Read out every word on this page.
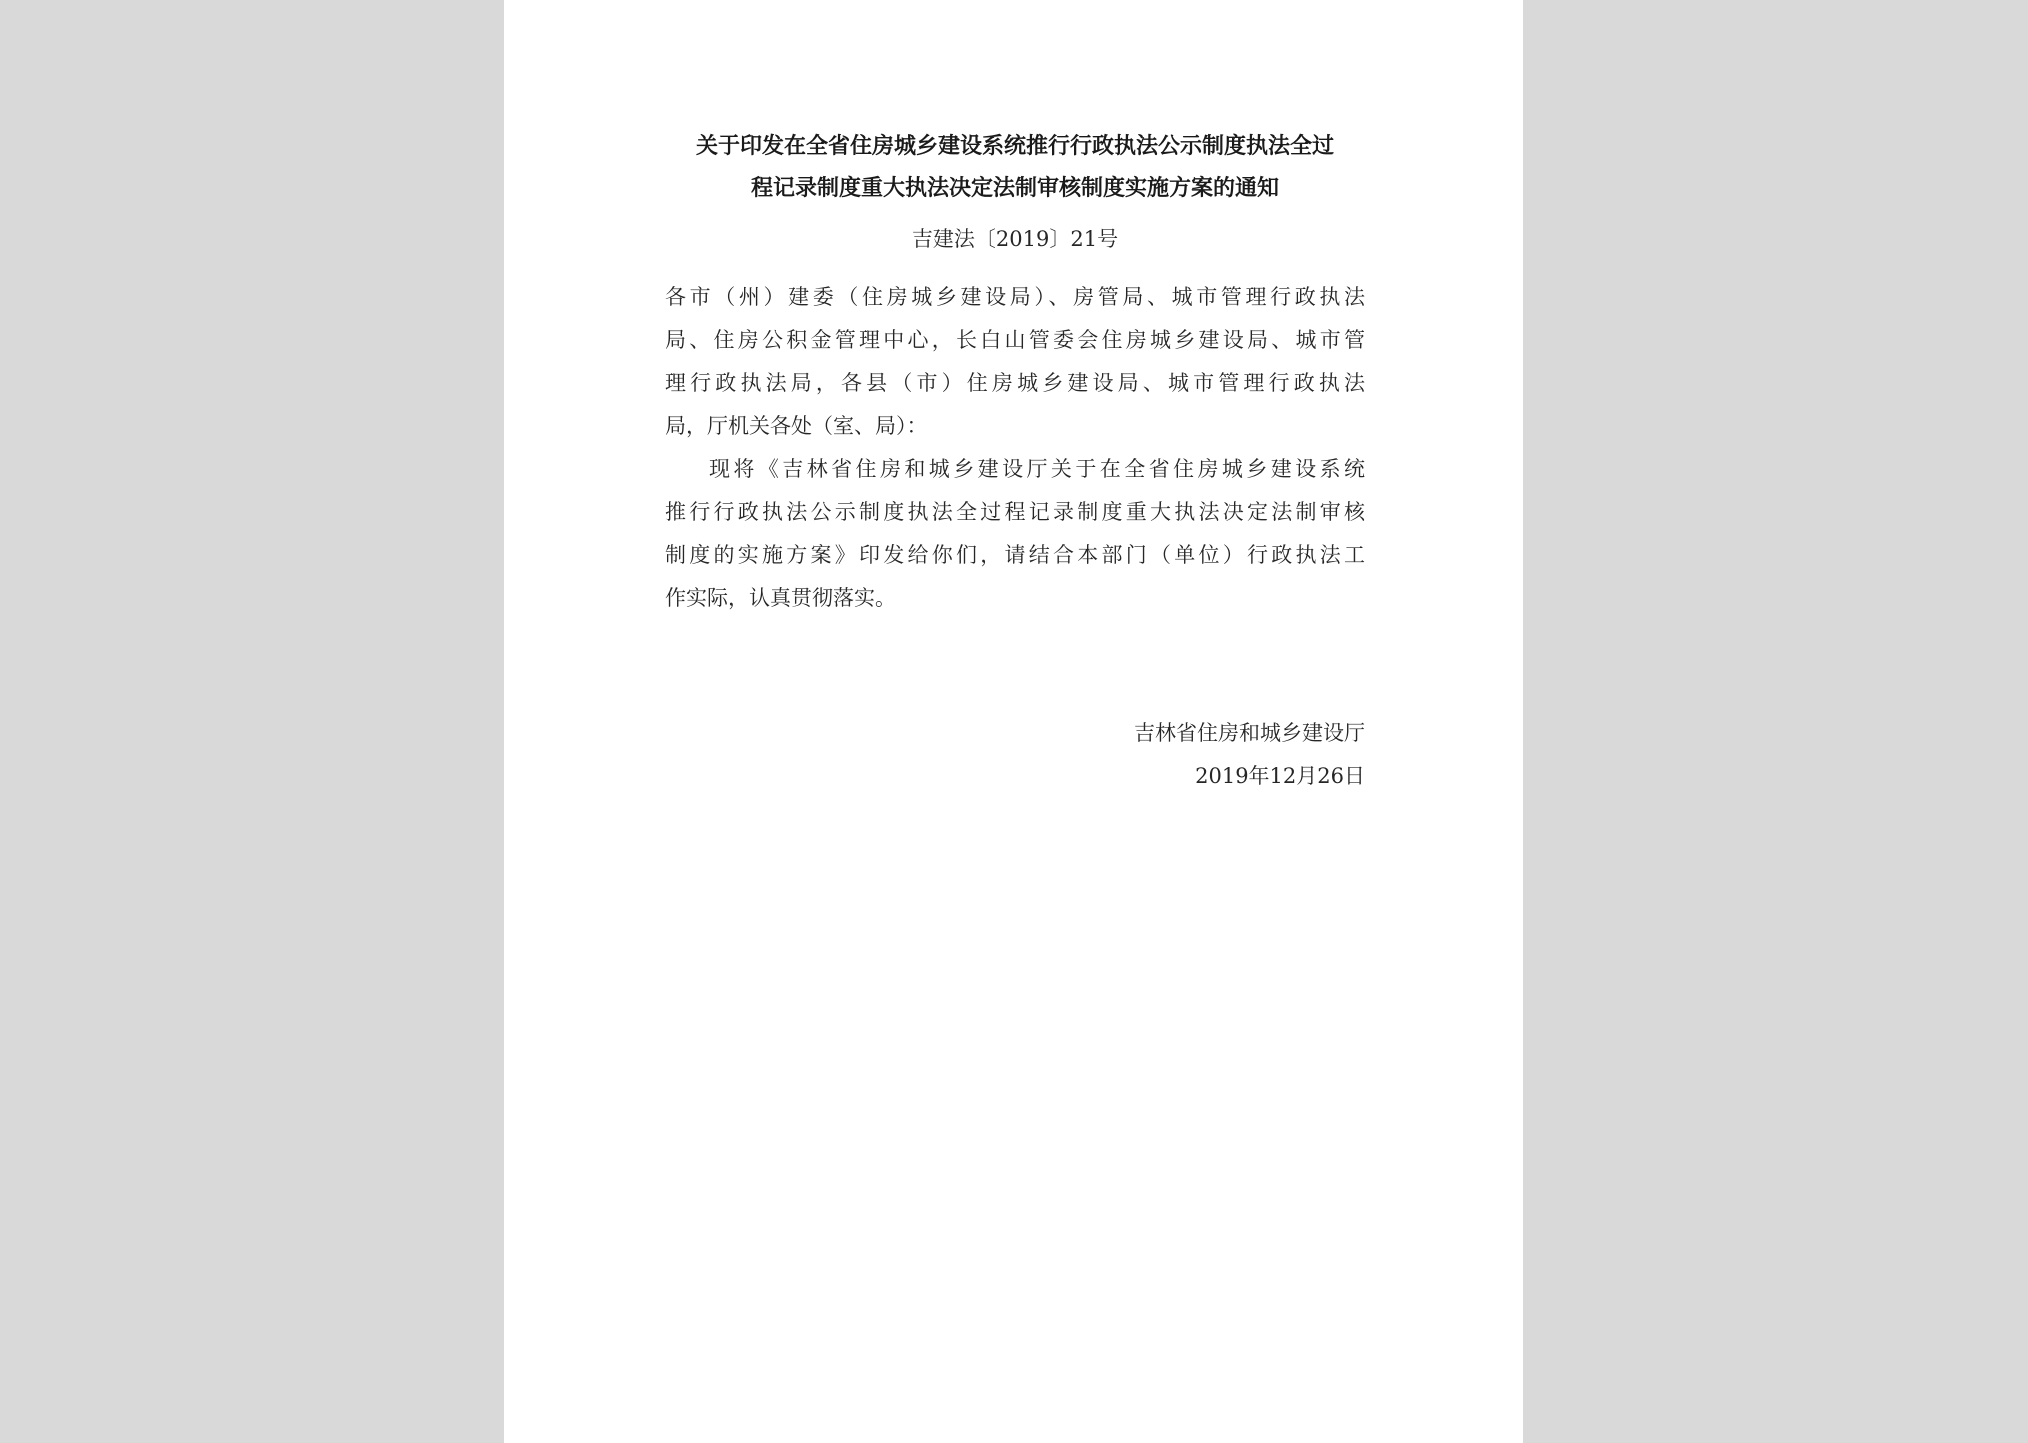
关于印发在全省住房城乡建设系统推行行政执法公示制度执法全过
程记录制度重大执法决定法制审核制度实施方案的通知
吉建法〔2019〕21号
各市（州）建委（住房城乡建设局）、房管局、城市管理行政执法
局、住房公积金管理中心，长白山管委会住房城乡建设局、城市管
理行政执法局，各县（市）住房城乡建设局、城市管理行政执法
局，厅机关各处（室、局）：
现将《吉林省住房和城乡建设厅关于在全省住房城乡建设系统
推行行政执法公示制度执法全过程记录制度重大执法决定法制审核
制度的实施方案》印发给你们，请结合本部门（单位）行政执法工
作实际，认真贯彻落实。
吉林省住房和城乡建设厅
2019年12月26日
